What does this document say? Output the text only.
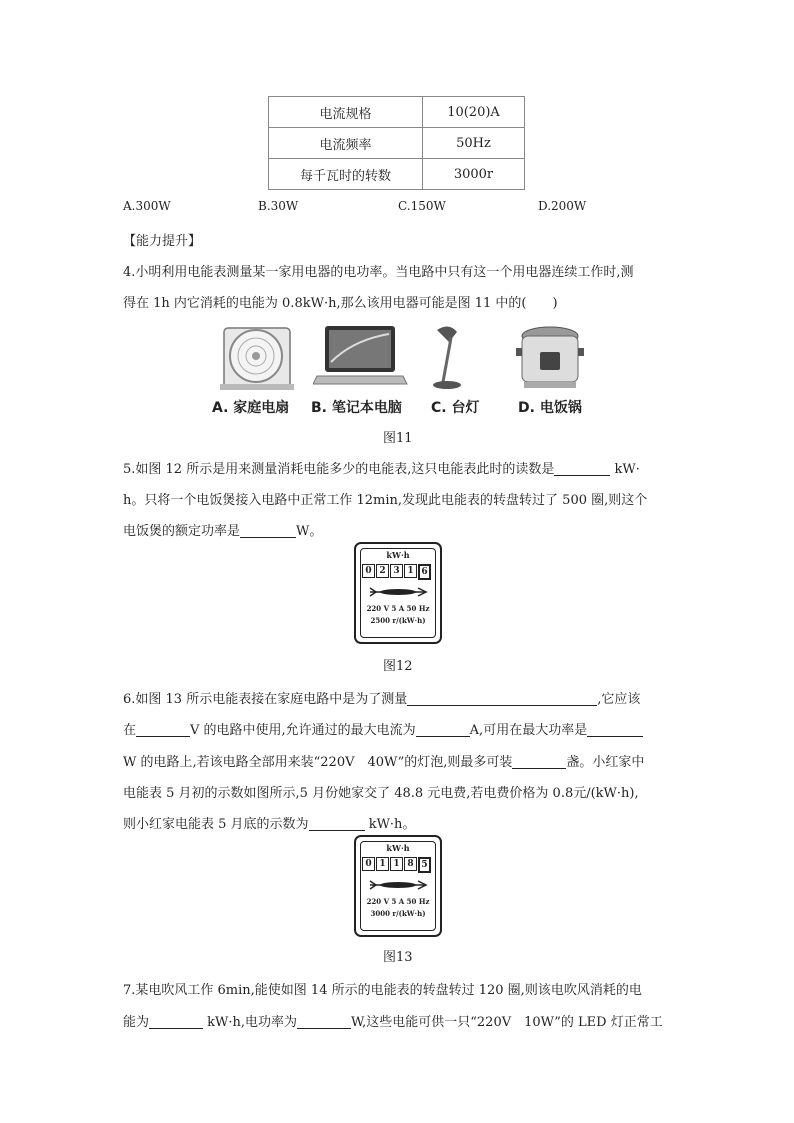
电流规格	10(20)A
电流频率	50Hz
每千瓦时的转数	3000r
A.300W	B.30W	C.150W	D.200W
【能力提升】
4.小明利用电能表测量某一家用电器的电功率。当电路中只有这一个用电器连续工作时,测
得在 1h 内它消耗的电能为 0.8kW·h,那么该用电器可能是图 11 中的(　　)
A. 家庭电扇 B. 笔记本电脑 C. 台灯	D. 电饭锅
图11
5.如图 12 所示是用来测量消耗电能多少的电能表,这只电能表此时的读数是	kW·
h。只将一个电饭煲接入电路中正常工作 12min,发现此电能表的转盘转过了 500 圈,则这个
电饭煲的额定功率是	W。
kW·h
0 2 3 1 6
220 V 5 A 50 Hz
2500 r/(kW·h)
图12
6.如图 13 所示电能表接在家庭电路中是为了测量	,它应该
在	V 的电路中使用,允许通过的最大电流为	A,可用在最大功率是
W 的电路上,若该电路全部用来装“220V　40W”的灯泡,则最多可装	盏。小红家中
电能表 5 月初的示数如图所示,5 月份她家交了 48.8 元电费,若电费价格为 0.8元/(kW·h),
则小红家电能表 5 月底的示数为	kW·h。
kW·h
0 1 1 8 5
220 V 5 A 50 Hz
3000 r/(kW·h)
图13
7.某电吹风工作 6min,能使如图 14 所示的电能表的转盘转过 120 圈,则该电吹风消耗的电
能为	kW·h,电功率为	W,这些电能可供一只“220V　10W”的 LED 灯正常工
